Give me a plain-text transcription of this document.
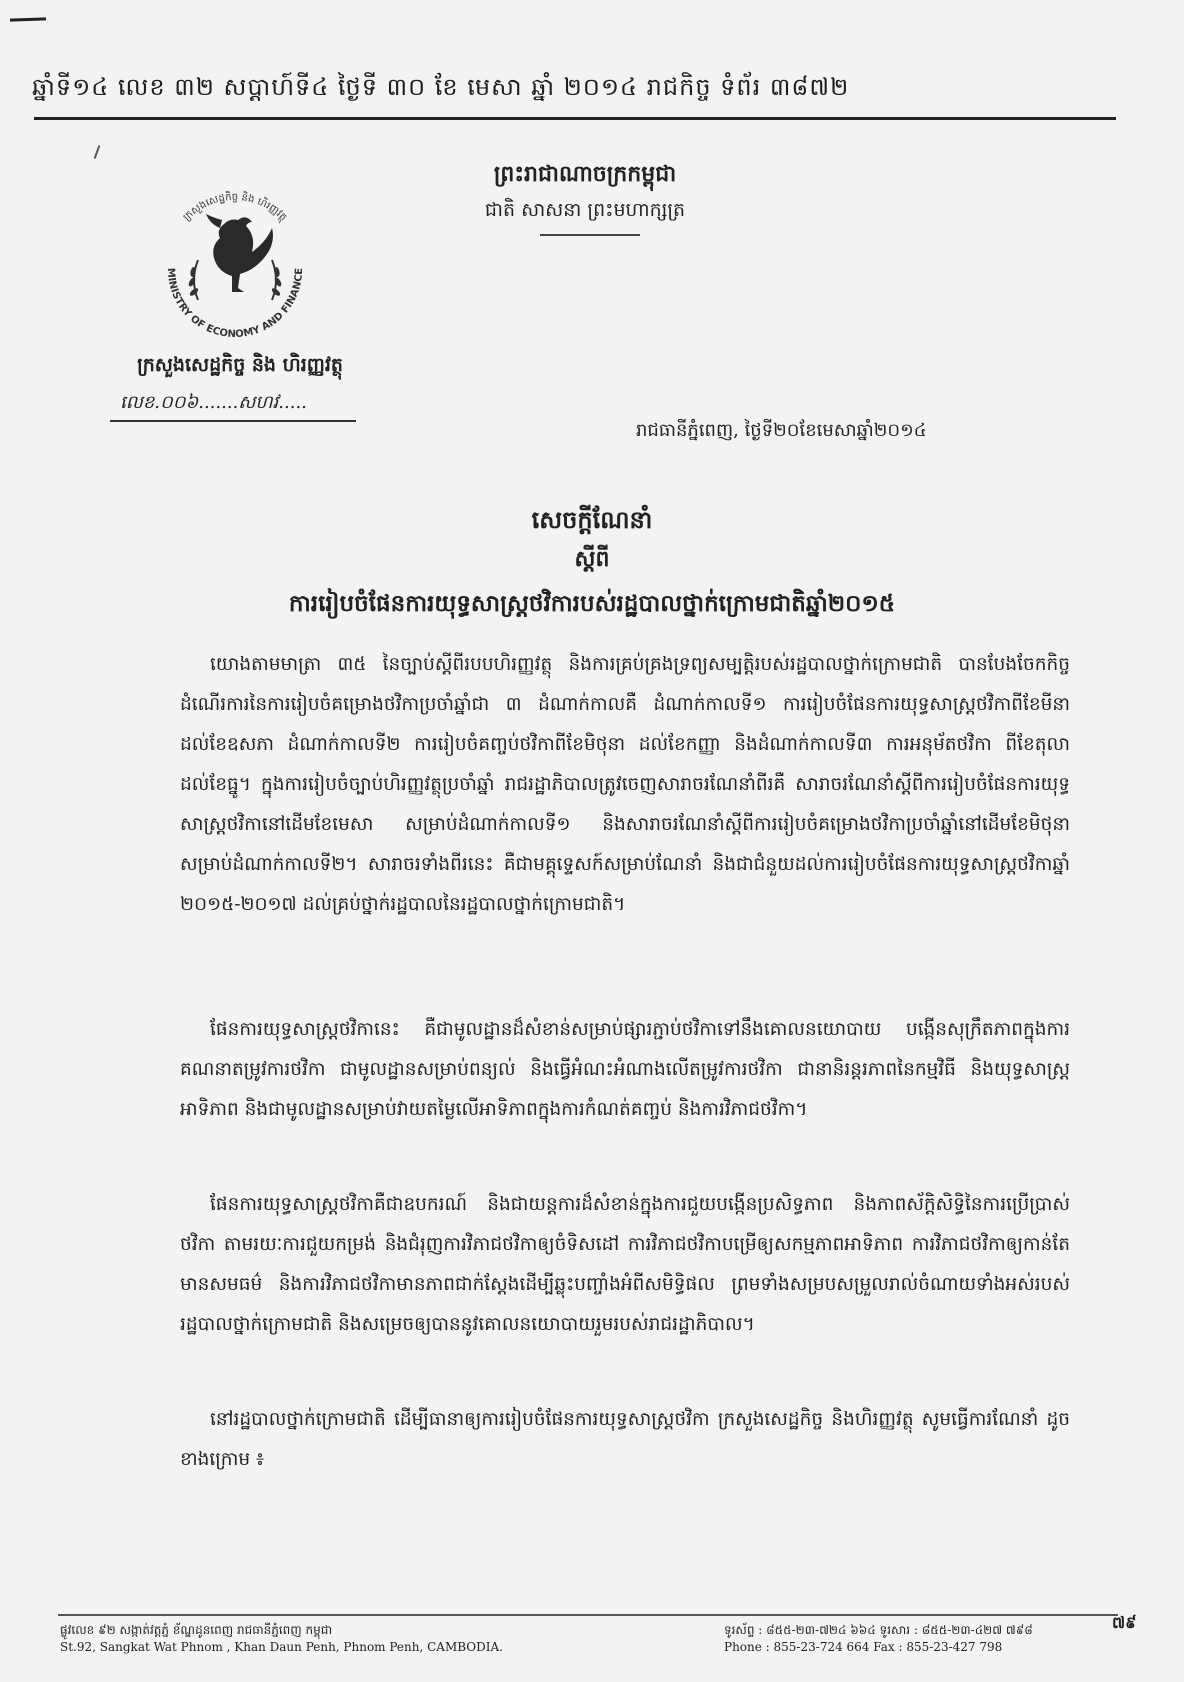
ឆ្នាំទី១៤ លេខ ៣២ សប្តាហ៍ទី៤ ថ្ងៃទី ៣០ ខែ មេសា ឆ្នាំ ២០១៤ រាជកិច្ច ទំព័រ ៣៨៧២
ក្រសួងសេដ្ឋកិច្ច និង ហិរញ្ញវត្ថុ
MINISTRY OF ECONOMY AND FINANCE
ក្រសួងសេដ្ឋកិច្ច និង ហិរញ្ញវត្ថុ
លេខ.០០៦.......សហវ.....
ព្រះរាជាណាចក្រកម្ពុជា
ជាតិ សាសនា ព្រះមហាក្សត្រ
រាជធានីភ្នំពេញ, ថ្ងៃទី២០ខែមេសាឆ្នាំ២០១៤
សេចក្តីណែនាំ
ស្តីពី
ការរៀបចំផែនការយុទ្ធសាស្ត្រថវិការបស់រដ្ឋបាលថ្នាក់ក្រោមជាតិឆ្នាំ២០១៥
យោងតាមមាត្រា ៣៥ នៃច្បាប់ស្តីពីរបបហិរញ្ញវត្ថុ និងការគ្រប់គ្រងទ្រព្យសម្បត្តិរបស់រដ្ឋបាលថ្នាក់ក្រោមជាតិ បានបែងចែកកិច្ចដំណើរការនៃការរៀបចំគម្រោងថវិកាប្រចាំឆ្នាំជា ៣ ដំណាក់កាលគឺ ដំណាក់កាលទី១ ការរៀបចំផែនការយុទ្ធសាស្ត្រថវិកាពីខែមីនា ដល់ខែឧសភា ដំណាក់កាលទី២ ការរៀបចំគញ្ចប់ថវិកាពីខែមិថុនា ដល់ខែកញ្ញា និងដំណាក់កាលទី៣ ការអនុម័តថវិកា ពីខែតុលា ដល់ខែធ្នូ។ ក្នុងការរៀបចំច្បាប់ហិរញ្ញវត្ថុប្រចាំឆ្នាំ រាជរដ្ឋាភិបាលត្រូវចេញសារាចរណែនាំពីរគឺ សារាចរណែនាំស្តីពីការរៀបចំផែនការយុទ្ធសាស្ត្រថវិកានៅដើមខែមេសា សម្រាប់ដំណាក់កាលទី១ និងសារាចរណែនាំស្តីពីការរៀបចំគម្រោងថវិកាប្រចាំឆ្នាំនៅដើមខែមិថុនា សម្រាប់ដំណាក់កាលទី២។ សារាចរទាំងពីរនេះ គឺជាមគ្គុទ្ទេសក៍សម្រាប់ណែនាំ និងជាជំនួយដល់ការរៀបចំផែនការយុទ្ធសាស្ត្រថវិកាឆ្នាំ ២០១៥-២០១៧ ដល់គ្រប់ថ្នាក់រដ្ឋបាលនៃរដ្ឋបាលថ្នាក់ក្រោមជាតិ។
ផែនការយុទ្ធសាស្ត្រថវិកានេះ គឺជាមូលដ្ឋានដ៏សំខាន់សម្រាប់ផ្សារភ្ជាប់ថវិកាទៅនឹងគោលនយោបាយ បង្កើនសុក្រឹតភាពក្នុងការគណនាតម្រូវការថវិកា ជាមូលដ្ឋានសម្រាប់ពន្យល់ និងធ្វើអំណះអំណាងលើតម្រូវការថវិកា ជានានិរន្តរភាពនៃកម្មវិធី និងយុទ្ធសាស្ត្រអាទិភាព និងជាមូលដ្ឋានសម្រាប់វាយតម្លៃលើអាទិភាពក្នុងការកំណត់គញ្ចប់ និងការវិភាជថវិកា។
ផែនការយុទ្ធសាស្ត្រថវិកាគឺជាឧបករណ៍ និងជាយន្តការដ៏សំខាន់ក្នុងការជួយបង្កើនប្រសិទ្ធភាព និងភាពស័ក្តិសិទ្ធិនៃការប្រើប្រាស់ថវិកា តាមរយៈការជួយកម្រង់ និងជំរុញការវិភាជថវិកាឲ្យចំទិសដៅ ការវិភាជថវិកាបម្រើឲ្យសកម្មភាពអាទិភាព ការវិភាជថវិកាឲ្យកាន់តែមានសមធម៌ និងការវិភាជថវិកាមានភាពជាក់ស្តែងដើម្បីឆ្លុះបញ្ចាំងអំពីសមិទ្ធិផល ព្រមទាំងសម្របសម្រួលរាល់ចំណាយទាំងអស់របស់រដ្ឋបាលថ្នាក់ក្រោមជាតិ និងសម្រេចឲ្យបាននូវគោលនយោបាយរួមរបស់រាជរដ្ឋាភិបាល។
នៅរដ្ឋបាលថ្នាក់ក្រោមជាតិ ដើម្បីធានាឲ្យការរៀបចំផែនការយុទ្ធសាស្ត្រថវិកា ក្រសួងសេដ្ឋកិច្ច និងហិរញ្ញវត្ថុ សូមធ្វើការណែនាំ ដូចខាងក្រោម ៖
ផ្លូវលេខ ៩២ សង្កាត់វត្តភ្នំ ខ័ណ្ឌដូនពេញ រាជធានីភ្នំពេញ កម្ពុជា
St.92, Sangkat Wat Phnom , Khan Daun Penh, Phnom Penh, CAMBODIA.
ទូរស័ព្ទ : ៨៥៥-២៣-៧២៤ ៦៦៤ ទូរសារ : ៨៥៥-២៣-៤២៧ ៧៩៨
Phone : 855-23-724 664 Fax : 855-23-427 798
៧៩
